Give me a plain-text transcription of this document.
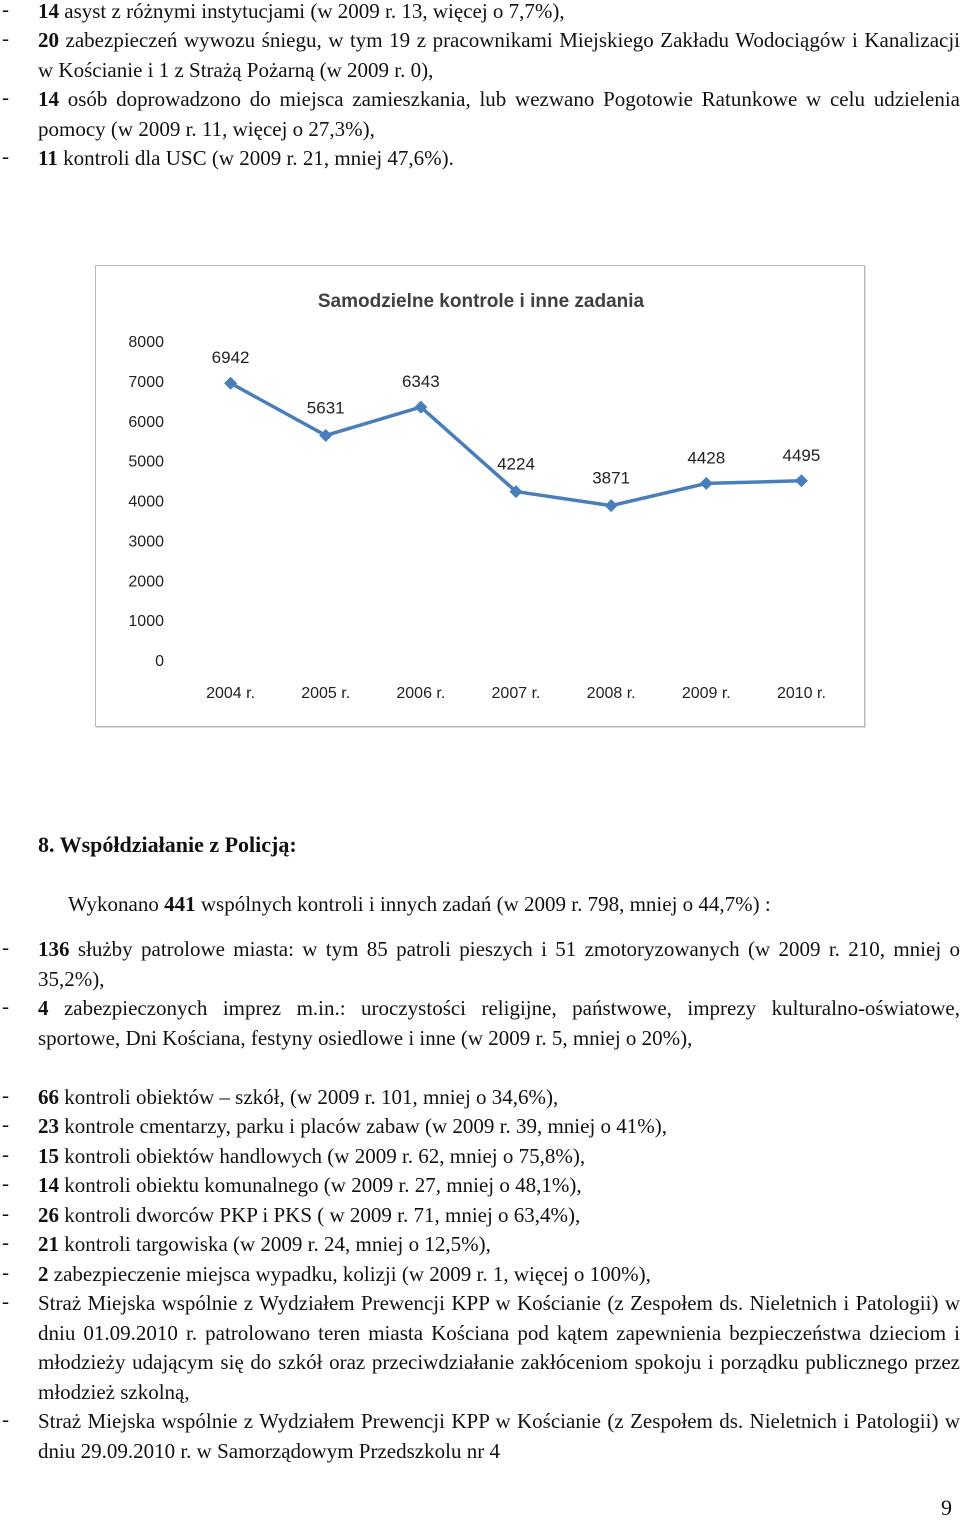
- 14 asyst z różnymi instytucjami (w 2009 r. 13, więcej o 7,7%),
- 20 zabezpieczeń wywozu śniegu, w tym 19 z pracownikami Miejskiego Zakładu Wodociągów i Kanalizacji w Kościanie i 1 z Strażą Pożarną (w 2009 r. 0),
- 14 osób doprowadzono do miejsca zamieszkania, lub wezwano Pogotowie Ratunkowe w celu udzielenia pomocy (w 2009 r. 11, więcej o 27,3%),
- 11 kontroli dla USC (w 2009 r. 21, mniej 47,6%).
Samodzielne kontrole i inne zadania
8000
7000
6000
5000
4000
3000
2000
1000
0
2004 r.	2005 r.	2006 r.	2007 r.	2008 r.	2009 r.	2010 r.
6942
5631
6343
4224
3871
4428	4495
8. Współdziałanie z Policją:
Wykonano 441 wspólnych kontroli i innych zadań (w 2009 r. 798, mniej o 44,7%) :
- 136 służby patrolowe miasta: w tym 85 patroli pieszych i 51 zmotoryzowanych (w 2009 r. 210, mniej o 35,2%),
- 4 zabezpieczonych imprez m.in.: uroczystości religijne, państwowe, imprezy kulturalno-oświatowe, sportowe, Dni Kościana, festyny osiedlowe i inne (w 2009 r. 5, mniej o 20%),
- 66 kontroli obiektów – szkół, (w 2009 r. 101, mniej o 34,6%),
- 23 kontrole cmentarzy, parku i placów zabaw (w 2009 r. 39, mniej o 41%),
- 15 kontroli obiektów handlowych (w 2009 r. 62, mniej o 75,8%),
- 14 kontroli obiektu komunalnego (w 2009 r. 27, mniej o 48,1%),
- 26 kontroli dworców PKP i PKS ( w 2009 r. 71, mniej o 63,4%),
- 21 kontroli targowiska (w 2009 r. 24, mniej o 12,5%),
- 2 zabezpieczenie miejsca wypadku, kolizji (w 2009 r. 1, więcej o 100%),
- Straż Miejska wspólnie z Wydziałem Prewencji KPP w Kościanie (z Zespołem ds. Nieletnich i Patologii) w dniu 01.09.2010 r. patrolowano teren miasta Kościana pod kątem zapewnienia bezpieczeństwa dzieciom i młodzieży udającym się do szkół oraz przeciwdziałanie zakłóceniom spokoju i porządku publicznego przez młodzież szkolną,
- Straż Miejska wspólnie z Wydziałem Prewencji KPP w Kościanie (z Zespołem ds. Nieletnich i Patologii) w dniu 29.09.2010 r. w Samorządowym Przedszkolu nr 4
9
